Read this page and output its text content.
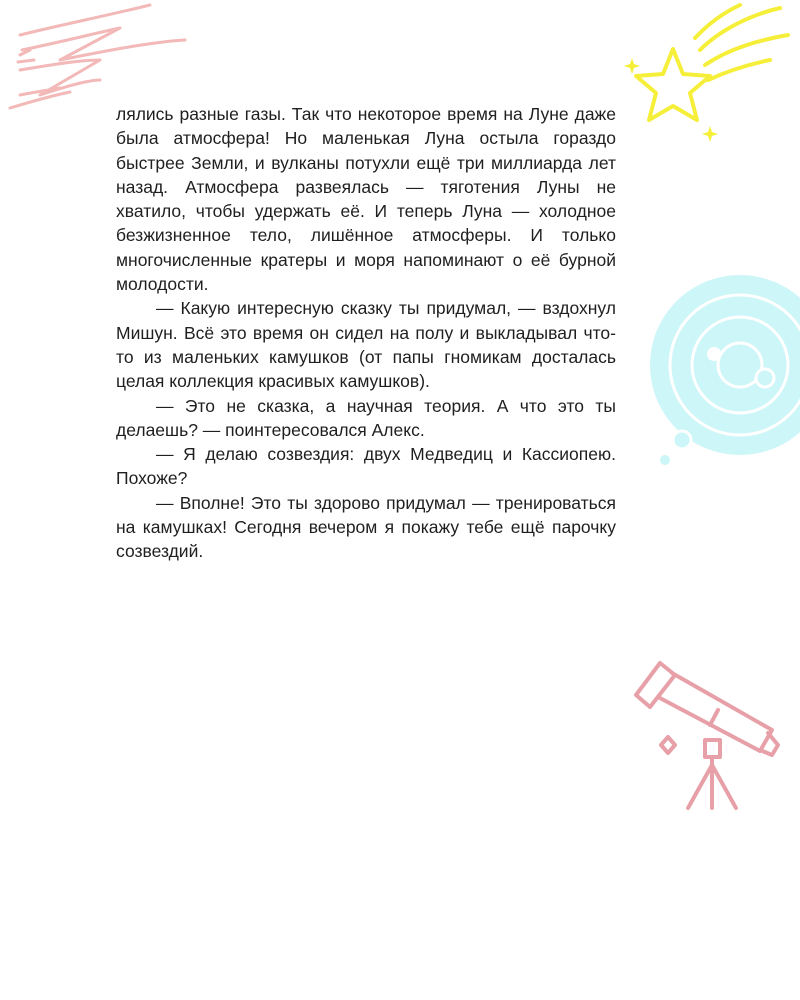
лялись разные газы. Так что некоторое время на Луне даже была атмосфера! Но маленькая Луна остыла гораздо быстрее Земли, и вулканы потухли ещё три миллиарда лет назад. Атмосфера развеялась — тяготения Луны не хватило, чтобы удержать её. И теперь Луна — холодное безжизненное тело, лишённое атмосферы. И только многочисленные кратеры и моря напоминают о её бурной молодости.

— Какую интересную сказку ты придумал, — вздохнул Мишун. Всё это время он сидел на полу и выкладывал что-то из маленьких камушков (от папы гномикам досталась целая коллекция красивых камушков).

— Это не сказка, а научная теория. А что это ты делаешь? — поинтересовался Алекс.

— Я делаю созвездия: двух Медведиц и Кассиопею. Похоже?

— Вполне! Это ты здорово придумал — тренироваться на камушках! Сегодня вечером я покажу тебе ещё парочку созвездий.
